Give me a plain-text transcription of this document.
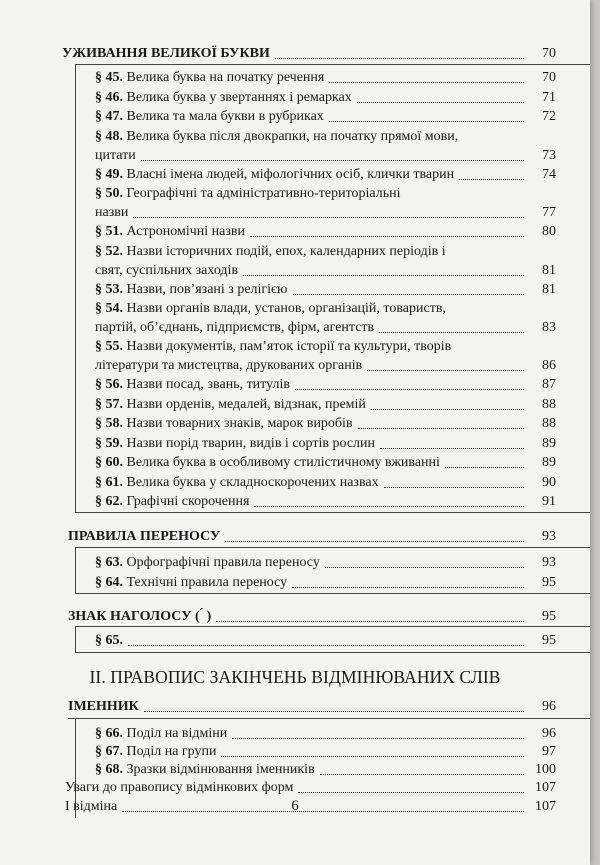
УЖИВАННЯ ВЕЛИКОЇ БУКВИ	70
§ 45. Велика буква на початку речення	70
§ 46. Велика буква у звертаннях і ремарках	71
§ 47. Велика та мала букви в рубриках	72
§ 48. Велика буква після двокрапки, на початку прямої мови,
цитати	73
§ 49. Власні імена людей, міфологічних осіб, клички тварин	74
§ 50. Географічні та адміністративно-територіальні
назви	77
§ 51. Астрономічні назви	80
§ 52. Назви історичних подій, епох, календарних періодів і
свят, суспільних заходів	81
§ 53. Назви, пов’язані з релігією	81
§ 54. Назви органів влади, установ, організацій, товариств,
партій, об’єднань, підприємств, фірм, агентств	83
§ 55. Назви документів, пам’яток історії та культури, творів
літератури та мистецтва, друкованих органів	86
§ 56. Назви посад, звань, титулів	87
§ 57. Назви орденів, медалей, відзнак, премій	88
§ 58. Назви товарних знаків, марок виробів	88
§ 59. Назви порід тварин, видів і сортів рослин	89
§ 60. Велика буква в особливому стилістичному вживанні	89
§ 61. Велика буква у складноскорочених назвах	90
§ 62. Графічні скорочення	91
ПРАВИЛА ПЕРЕНОСУ	93
§ 63. Орфографічні правила переносу	93
§ 64. Технічні правила переносу	95
ЗНАК НАГОЛОСУ ( ́ )	95
§ 65.	95
ІІ. ПРАВОПИС ЗАКІНЧЕНЬ ВІДМІНЮВАНИХ СЛІВ
ІМЕННИК	96
§ 66. Поділ на відміни	96
§ 67. Поділ на групи	97
§ 68. Зразки відмінювання іменників	100
Уваги до правопису відмінкових форм	107
І відміна	107
6
